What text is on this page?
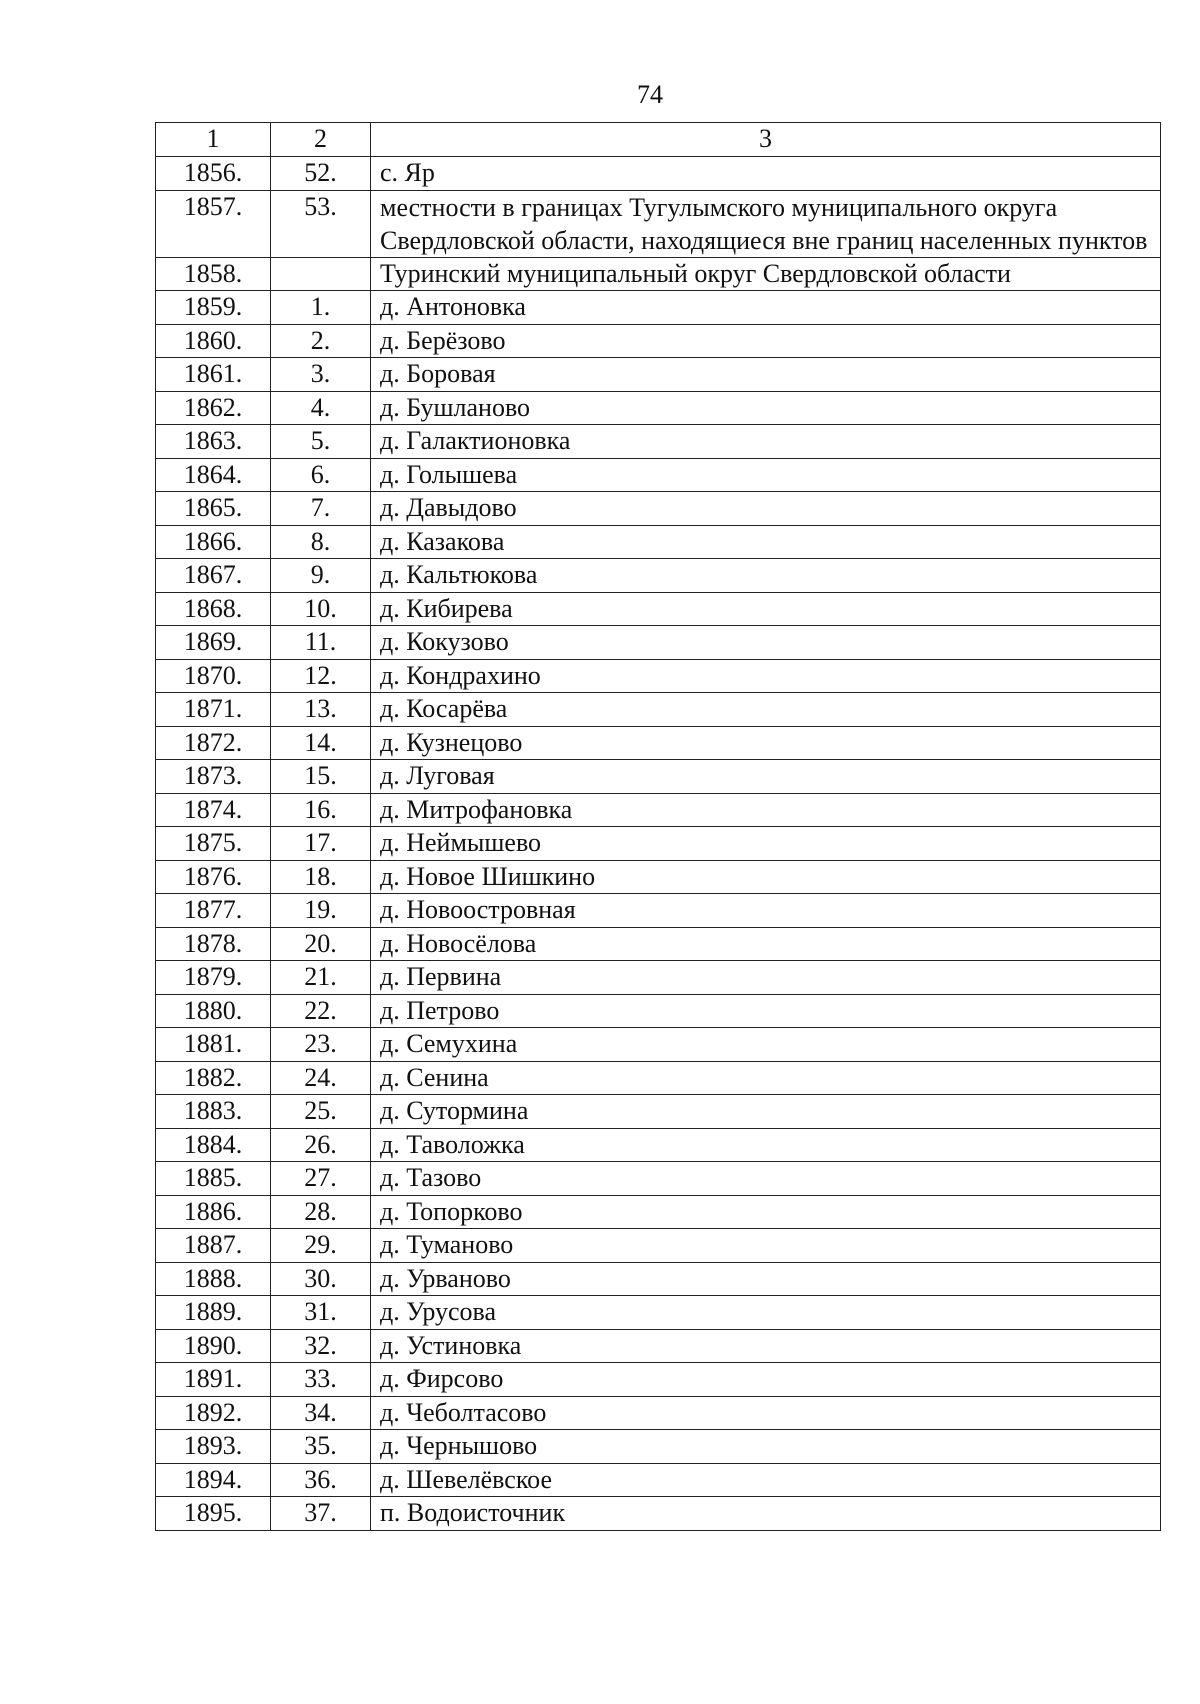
74
1	2	3
1856.	52.	с. Яр
1857.	53.	местности в границах Тугулымского муниципального округа Свердловской области, находящиеся вне границ населенных пунктов
1858.		Туринский муниципальный округ Свердловской области
1859.	1.	д. Антоновка
1860.	2.	д. Берёзово
1861.	3.	д. Боровая
1862.	4.	д. Бушланово
1863.	5.	д. Галактионовка
1864.	6.	д. Голышева
1865.	7.	д. Давыдово
1866.	8.	д. Казакова
1867.	9.	д. Кальтюкова
1868.	10.	д. Кибирева
1869.	11.	д. Кокузово
1870.	12.	д. Кондрахино
1871.	13.	д. Косарёва
1872.	14.	д. Кузнецово
1873.	15.	д. Луговая
1874.	16.	д. Митрофановка
1875.	17.	д. Неймышево
1876.	18.	д. Новое Шишкино
1877.	19.	д. Новоостровная
1878.	20.	д. Новосёлова
1879.	21.	д. Первина
1880.	22.	д. Петрово
1881.	23.	д. Семухина
1882.	24.	д. Сенина
1883.	25.	д. Сутормина
1884.	26.	д. Таволожка
1885.	27.	д. Тазово
1886.	28.	д. Топорково
1887.	29.	д. Туманово
1888.	30.	д. Урваново
1889.	31.	д. Урусова
1890.	32.	д. Устиновка
1891.	33.	д. Фирсово
1892.	34.	д. Чеболтасово
1893.	35.	д. Чернышово
1894.	36.	д. Шевелёвское
1895.	37.	п. Водоисточник
